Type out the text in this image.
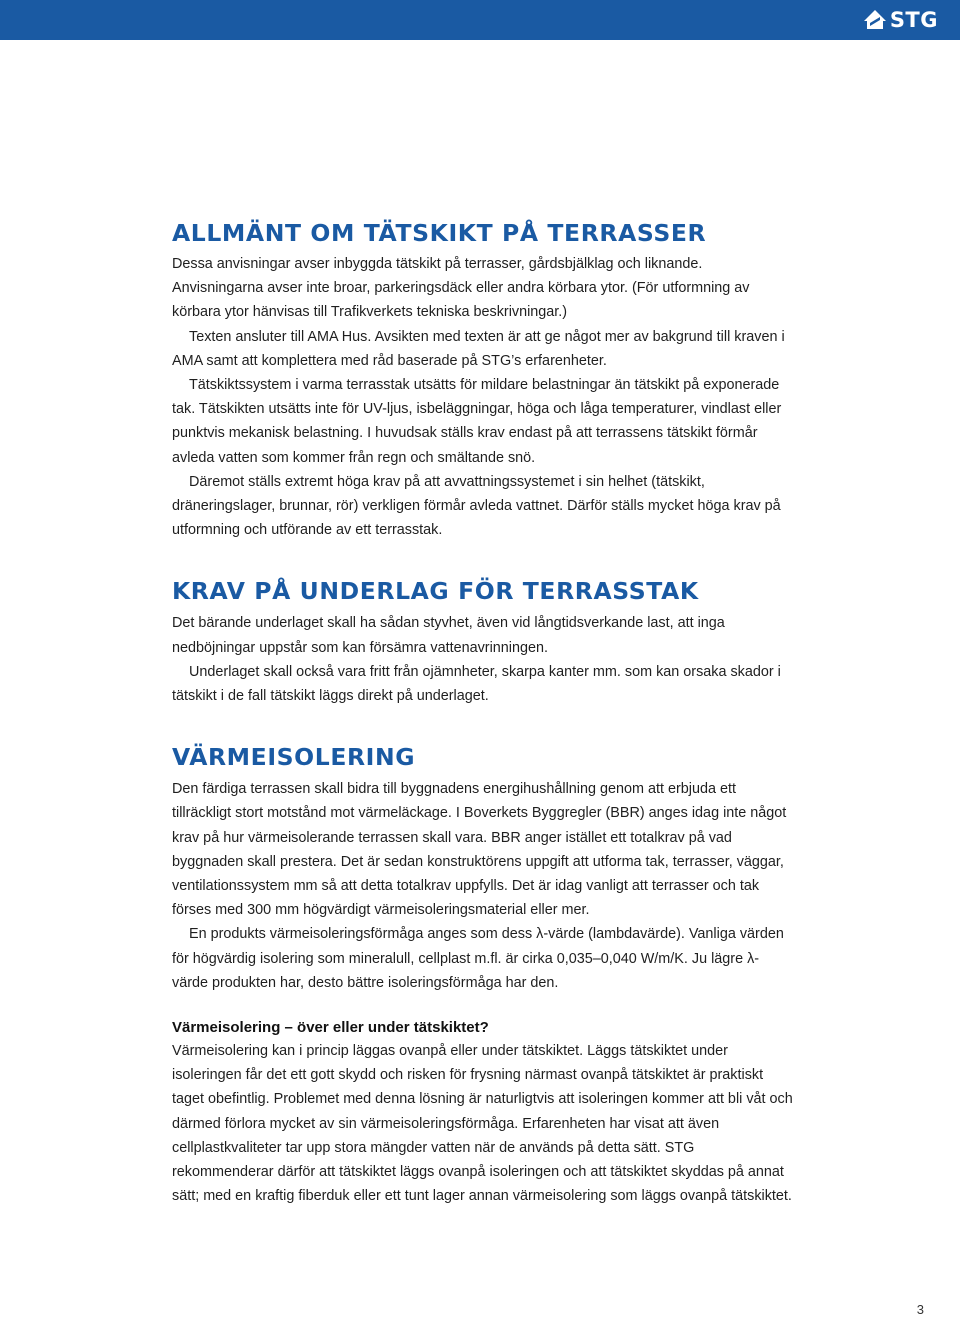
STG
ALLMÄNT OM TÄTSKIKT PÅ TERRASSER

Dessa anvisningar avser inbyggda tätskikt på terrasser, gårdsbjälklag och liknande. Anvisningarna avser inte broar, parkeringsdäck eller andra körbara ytor. (För utformning av körbara ytor hänvisas till Trafikverkets tekniska beskrivningar.)

Texten ansluter till AMA Hus. Avsikten med texten är att ge något mer av bakgrund till kraven i AMA samt att komplettera med råd baserade på STG’s erfarenheter.

Tätskiktssystem i varma terrasstak utsätts för mildare belastningar än tätskikt på exponerade tak. Tätskikten utsätts inte för UV-ljus, isbeläggningar, höga och låga temperaturer, vindlast eller punktvis mekanisk belastning. I huvudsak ställs krav endast på att terrassens tätskikt förmår avleda vatten som kommer från regn och smältande snö.

Däremot ställs extremt höga krav på att avvattningssystemet i sin helhet (tätskikt, dräneringslager, brunnar, rör) verkligen förmår avleda vattnet. Därför ställs mycket höga krav på utformning och utförande av ett terrasstak.

KRAV PÅ UNDERLAG FÖR TERRASSTAK

Det bärande underlaget skall ha sådan styvhet, även vid långtidsverkande last, att inga nedböjningar uppstår som kan försämra vattenavrinningen.

Underlaget skall också vara fritt från ojämnheter, skarpa kanter mm. som kan orsaka skador i tätskikt i de fall tätskikt läggs direkt på underlaget.

VÄRMEISOLERING

Den färdiga terrassen skall bidra till byggnadens energihushållning genom att erbjuda ett tillräckligt stort motstånd mot värmeläckage. I Boverkets Byggregler (BBR) anges idag inte något krav på hur värmeisolerande terrassen skall vara. BBR anger istället ett totalkrav på vad byggnaden skall prestera. Det är sedan konstruktörens uppgift att utforma tak, terrasser, väggar, ventilationssystem mm så att detta totalkrav uppfylls. Det är idag vanligt att terrasser och tak förses med 300 mm högvärdigt värmeisoleringsmaterial eller mer.

En produkts värmeisoleringsförmåga anges som dess λ-värde (lambdavärde). Vanliga värden för högvärdig isolering som mineralull, cellplast m.fl. är cirka 0,035–0,040 W/m/K. Ju lägre λ-värde produkten har, desto bättre isoleringsförmåga har den.

Värmeisolering – över eller under tätskiktet?

Värmeisolering kan i princip läggas ovanpå eller under tätskiktet. Läggs tätskiktet under isoleringen får det ett gott skydd och risken för frysning närmast ovanpå tätskiktet är praktiskt taget obefintlig. Problemet med denna lösning är naturligtvis att isoleringen kommer att bli våt och därmed förlora mycket av sin värmeisoleringsförmåga. Erfarenheten har visat att även cellplastkvaliteter tar upp stora mängder vatten när de används på detta sätt. STG rekommenderar därför att tätskiktet läggs ovanpå isoleringen och att tätskiktet skyddas på annat sätt; med en kraftig fiberduk eller ett tunt lager annan värmeisolering som läggs ovanpå tätskiktet.

3
